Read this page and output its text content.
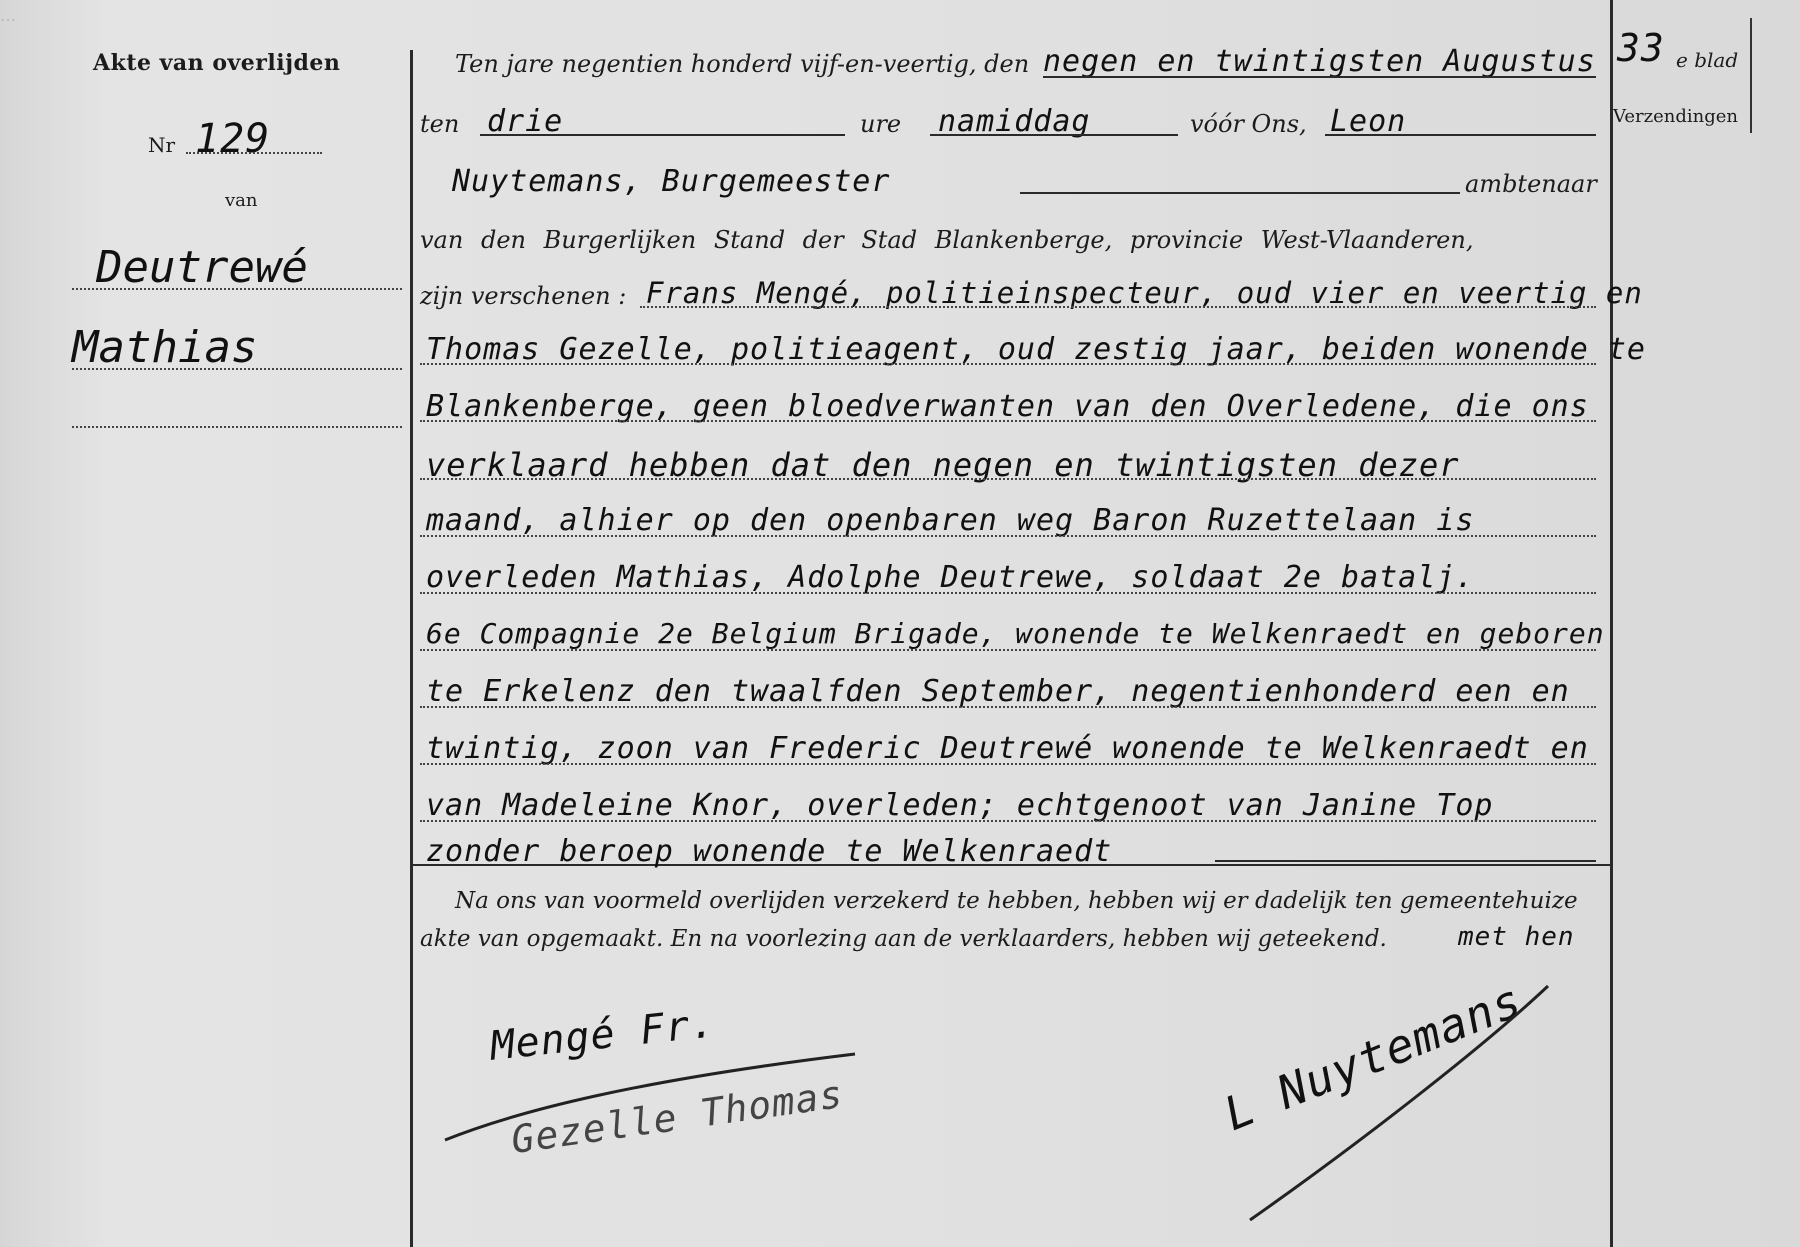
…
Akte van overlijden
Nr 129
van
Deutrewé
Mathias
33 e blad
Verzendingen
Ten jare negentien honderd vijf-en-veertig, den negen en twintigsten Augustus
ten drie	ure namiddag	vóór Ons, Leon
Nuytemans, Burgemeester	ambtenaar
van den Burgerlijken Stand der Stad Blankenberge, provincie West-Vlaanderen,
zijn verschenen : Frans Mengé, politieinspecteur, oud vier en veertig en
Thomas Gezelle, politieagent, oud zestig jaar, beiden wonende te
Blankenberge, geen bloedverwanten van den Overledene, die ons
verklaard hebben dat den negen en twintigsten dezer
maand, alhier op den openbaren weg Baron Ruzettelaan is
overleden Mathias, Adolphe Deutrewe, soldaat 2e batalj.
6e Compagnie 2e Belgium Brigade, wonende te Welkenraedt en geboren
te Erkelenz den twaalfden September, negentienhonderd een en
twintig, zoon van Frederic Deutrewé wonende te Welkenraedt en
van Madeleine Knor, overleden; echtgenoot van Janine Top
zonder beroep wonende te Welkenraedt
Na ons van voormeld overlijden verzekerd te hebben, hebben wij er dadelijk ten gemeentehuize
akte van opgemaakt. En na voorlezing aan de verklaarders, hebben wij geteekend.	met hen
Mengé Fr.
Gezelle Thomas	L Nuytemans
